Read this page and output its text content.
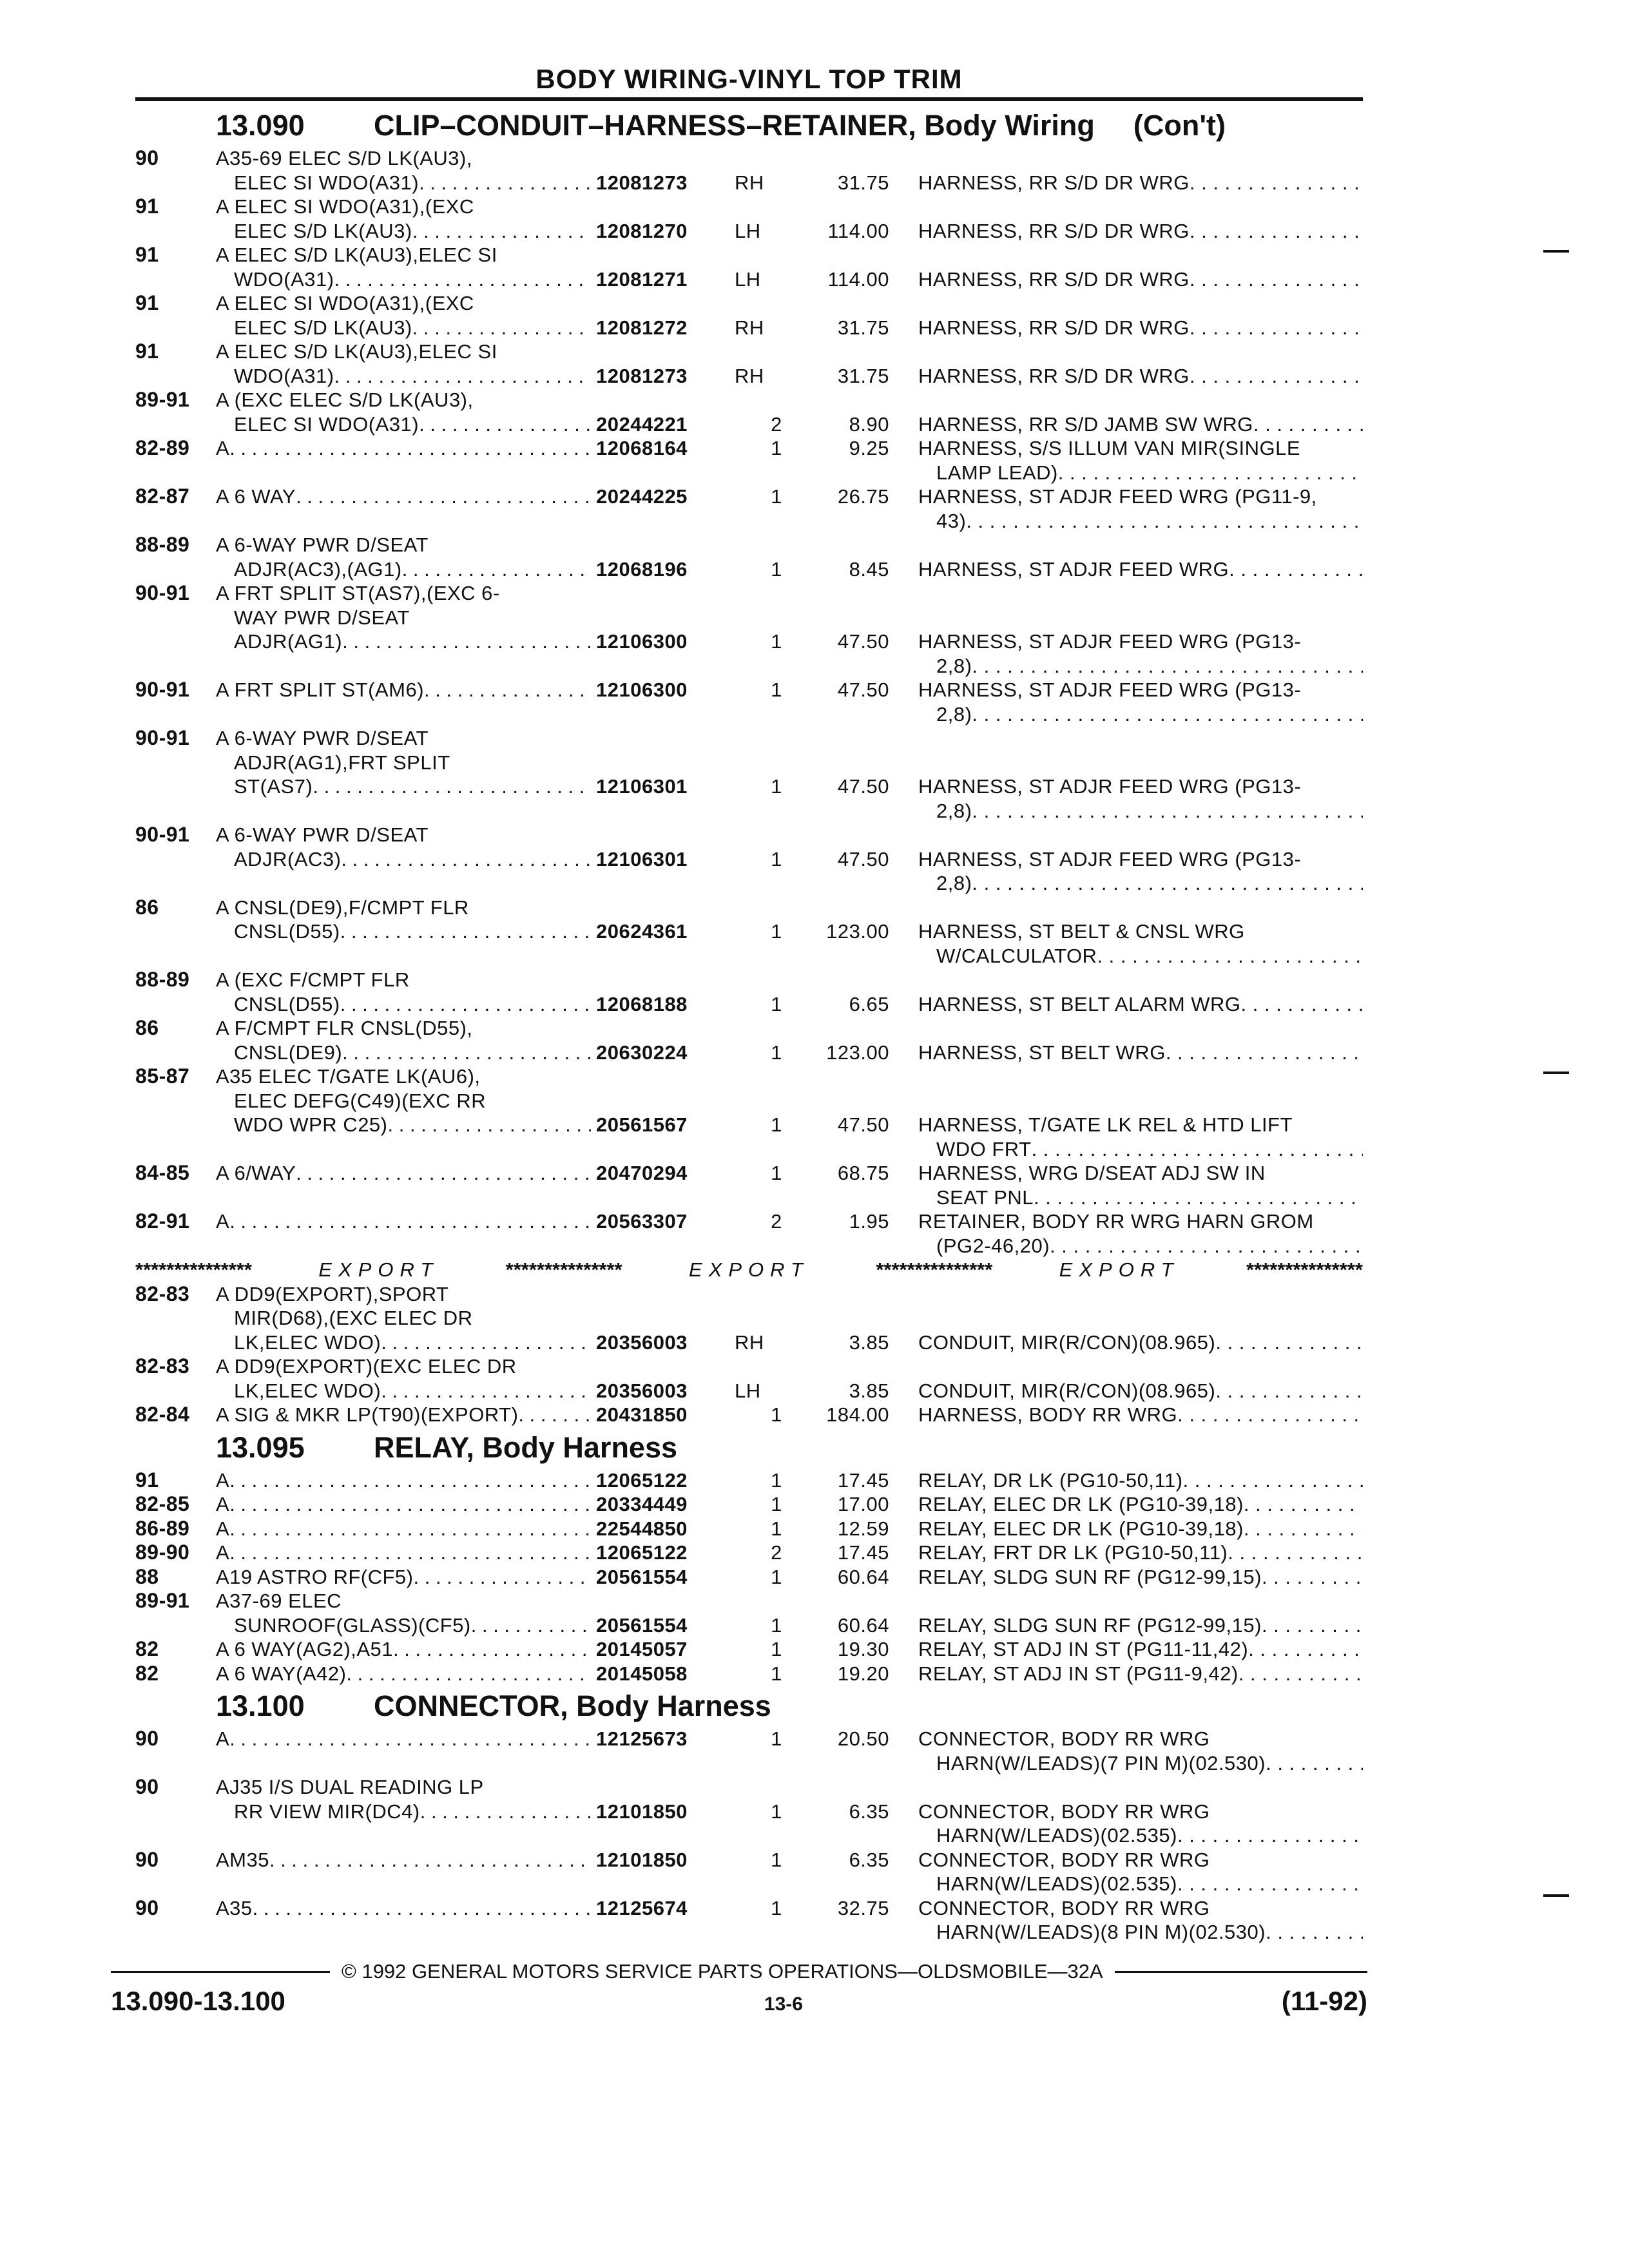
BODY WIRING-VINYL TOP TRIM
13.090	CLIP–CONDUIT–HARNESS–RETAINER, Body Wiring (Con't)
90	A35-69 ELEC S/D LK(AU3),
ELEC SI WDO(A31) . . .	12081273	RH	31.75 HARNESS, RR S/D DR WRG
. . .
91	A ELEC SI WDO(A31),(EXC
ELEC S/D LK(AU3) . . .	12081270	LH	114.00 HARNESS, RR S/D DR WRG
. . .
91	A ELEC S/D LK(AU3),ELEC SI
WDO(A31) . . .	12081271	LH	114.00 HARNESS, RR S/D DR WRG
. . .
91	A ELEC SI WDO(A31),(EXC
ELEC S/D LK(AU3) . . .	12081272	RH	31.75 HARNESS, RR S/D DR WRG
. . .
91	A ELEC S/D LK(AU3),ELEC SI
WDO(A31) . . .	12081273	RH	31.75 HARNESS, RR S/D DR WRG
. . .
89-91	A (EXC ELEC S/D LK(AU3),
ELEC SI WDO(A31) . . .	20244221	2	8.90 HARNESS, RR S/D JAMB SW WRG
. . .
82-89	A . . .	12068164	1	9.25 HARNESS, S/S ILLUM VAN MIR(SINGLE
LAMP LEAD)
. . .
82-87	A 6 WAY . . .	20244225	1	26.75 HARNESS, ST ADJR FEED WRG (PG11-9,
43)
. . .
88-89	A 6-WAY PWR D/SEAT
ADJR(AC3),(AG1) . . .	12068196	1	8.45 HARNESS, ST ADJR FEED WRG
. . .
90-91	A FRT SPLIT ST(AS7),(EXC 6-
WAY PWR D/SEAT
ADJR(AG1) . . .	12106300	1	47.50 HARNESS, ST ADJR FEED WRG (PG13-
2,8)
. . .
90-91	A FRT SPLIT ST(AM6) . . .	12106300	1	47.50 HARNESS, ST ADJR FEED WRG (PG13-
2,8)
. . .
90-91	A 6-WAY PWR D/SEAT
ADJR(AG1),FRT SPLIT
ST(AS7) . . .	12106301	1	47.50 HARNESS, ST ADJR FEED WRG (PG13-
2,8)
. . .
90-91	A 6-WAY PWR D/SEAT
ADJR(AC3) . . .	12106301	1	47.50 HARNESS, ST ADJR FEED WRG (PG13-
2,8)
. . .
86	A CNSL(DE9),F/CMPT FLR
CNSL(D55) . . .	20624361	1	123.00 HARNESS, ST BELT & CNSL WRG
W/CALCULATOR
. . .
88-89	A (EXC F/CMPT FLR
CNSL(D55) . . .	12068188	1	6.65 HARNESS, ST BELT ALARM WRG
. . .
86	A F/CMPT FLR CNSL(D55),
CNSL(DE9) . . .	20630224	1	123.00 HARNESS, ST BELT WRG
. . .
85-87	A35 ELEC T/GATE LK(AU6),
ELEC DEFG(C49)(EXC RR
WDO WPR C25) . . .	20561567	1	47.50 HARNESS, T/GATE LK REL & HTD LIFT
WDO FRT
. . .
84-85	A 6/WAY . . .	20470294	1	68.75 HARNESS, WRG D/SEAT ADJ SW IN
SEAT PNL
. . .
82-91	A . . .	20563307	2	1.95 RETAINER, BODY RR WRG HARN GROM
(PG2-46,20)
. . .
***************	EXPORT	***************	EXPORT	***************	EXPORT	***************
82-83	A DD9(EXPORT),SPORT
MIR(D68),(EXC ELEC DR
LK,ELEC WDO) . . .	20356003	RH	3.85 CONDUIT, MIR(R/CON)(08.965)
. . .
82-83	A DD9(EXPORT)(EXC ELEC DR
LK,ELEC WDO) . . .	20356003	LH	3.85 CONDUIT, MIR(R/CON)(08.965)
. . .
82-84	A SIG & MKR LP(T90)(EXPORT) . . .	20431850	1	184.00 HARNESS, BODY RR WRG
. . .
13.095	RELAY, Body Harness
91	A . . .	12065122	1	17.45 RELAY, DR LK (PG10-50,11)
. . .
82-85	A . . .	20334449	1	17.00 RELAY, ELEC DR LK (PG10-39,18)
. . .
86-89	A . . .	22544850	1	12.59 RELAY, ELEC DR LK (PG10-39,18)
. . .
89-90	A . . .	12065122	2	17.45 RELAY, FRT DR LK (PG10-50,11)
. . .
88	A19 ASTRO RF(CF5) . . .	20561554	1	60.64 RELAY, SLDG SUN RF (PG12-99,15)
. . .
89-91	A37-69 ELEC
SUNROOF(GLASS)(CF5) . . .	20561554	1	60.64 RELAY, SLDG SUN RF (PG12-99,15)
. . .
82	A 6 WAY(AG2),A51 . . .	20145057	1	19.30 RELAY, ST ADJ IN ST (PG11-11,42)
. . .
82	A 6 WAY(A42) . . .	20145058	1	19.20 RELAY, ST ADJ IN ST (PG11-9,42)
. . .
13.100	CONNECTOR, Body Harness
90	A . . .	12125673	1	20.50 CONNECTOR, BODY RR WRG
HARN(W/LEADS)(7 PIN M)(02.530)
. . .
90	AJ35 I/S DUAL READING LP
RR VIEW MIR(DC4) . . .	12101850	1	6.35 CONNECTOR, BODY RR WRG
HARN(W/LEADS)(02.535)
. . .
90	AM35 . . .	12101850	1	6.35 CONNECTOR, BODY RR WRG
HARN(W/LEADS)(02.535)
. . .
90	A35 . . .	12125674	1	32.75 CONNECTOR, BODY RR WRG
HARN(W/LEADS)(8 PIN M)(02.530)
. . .
© 1992 GENERAL MOTORS SERVICE PARTS OPERATIONS—OLDSMOBILE—32A
13.090-13.100	13-6	(11-92)
